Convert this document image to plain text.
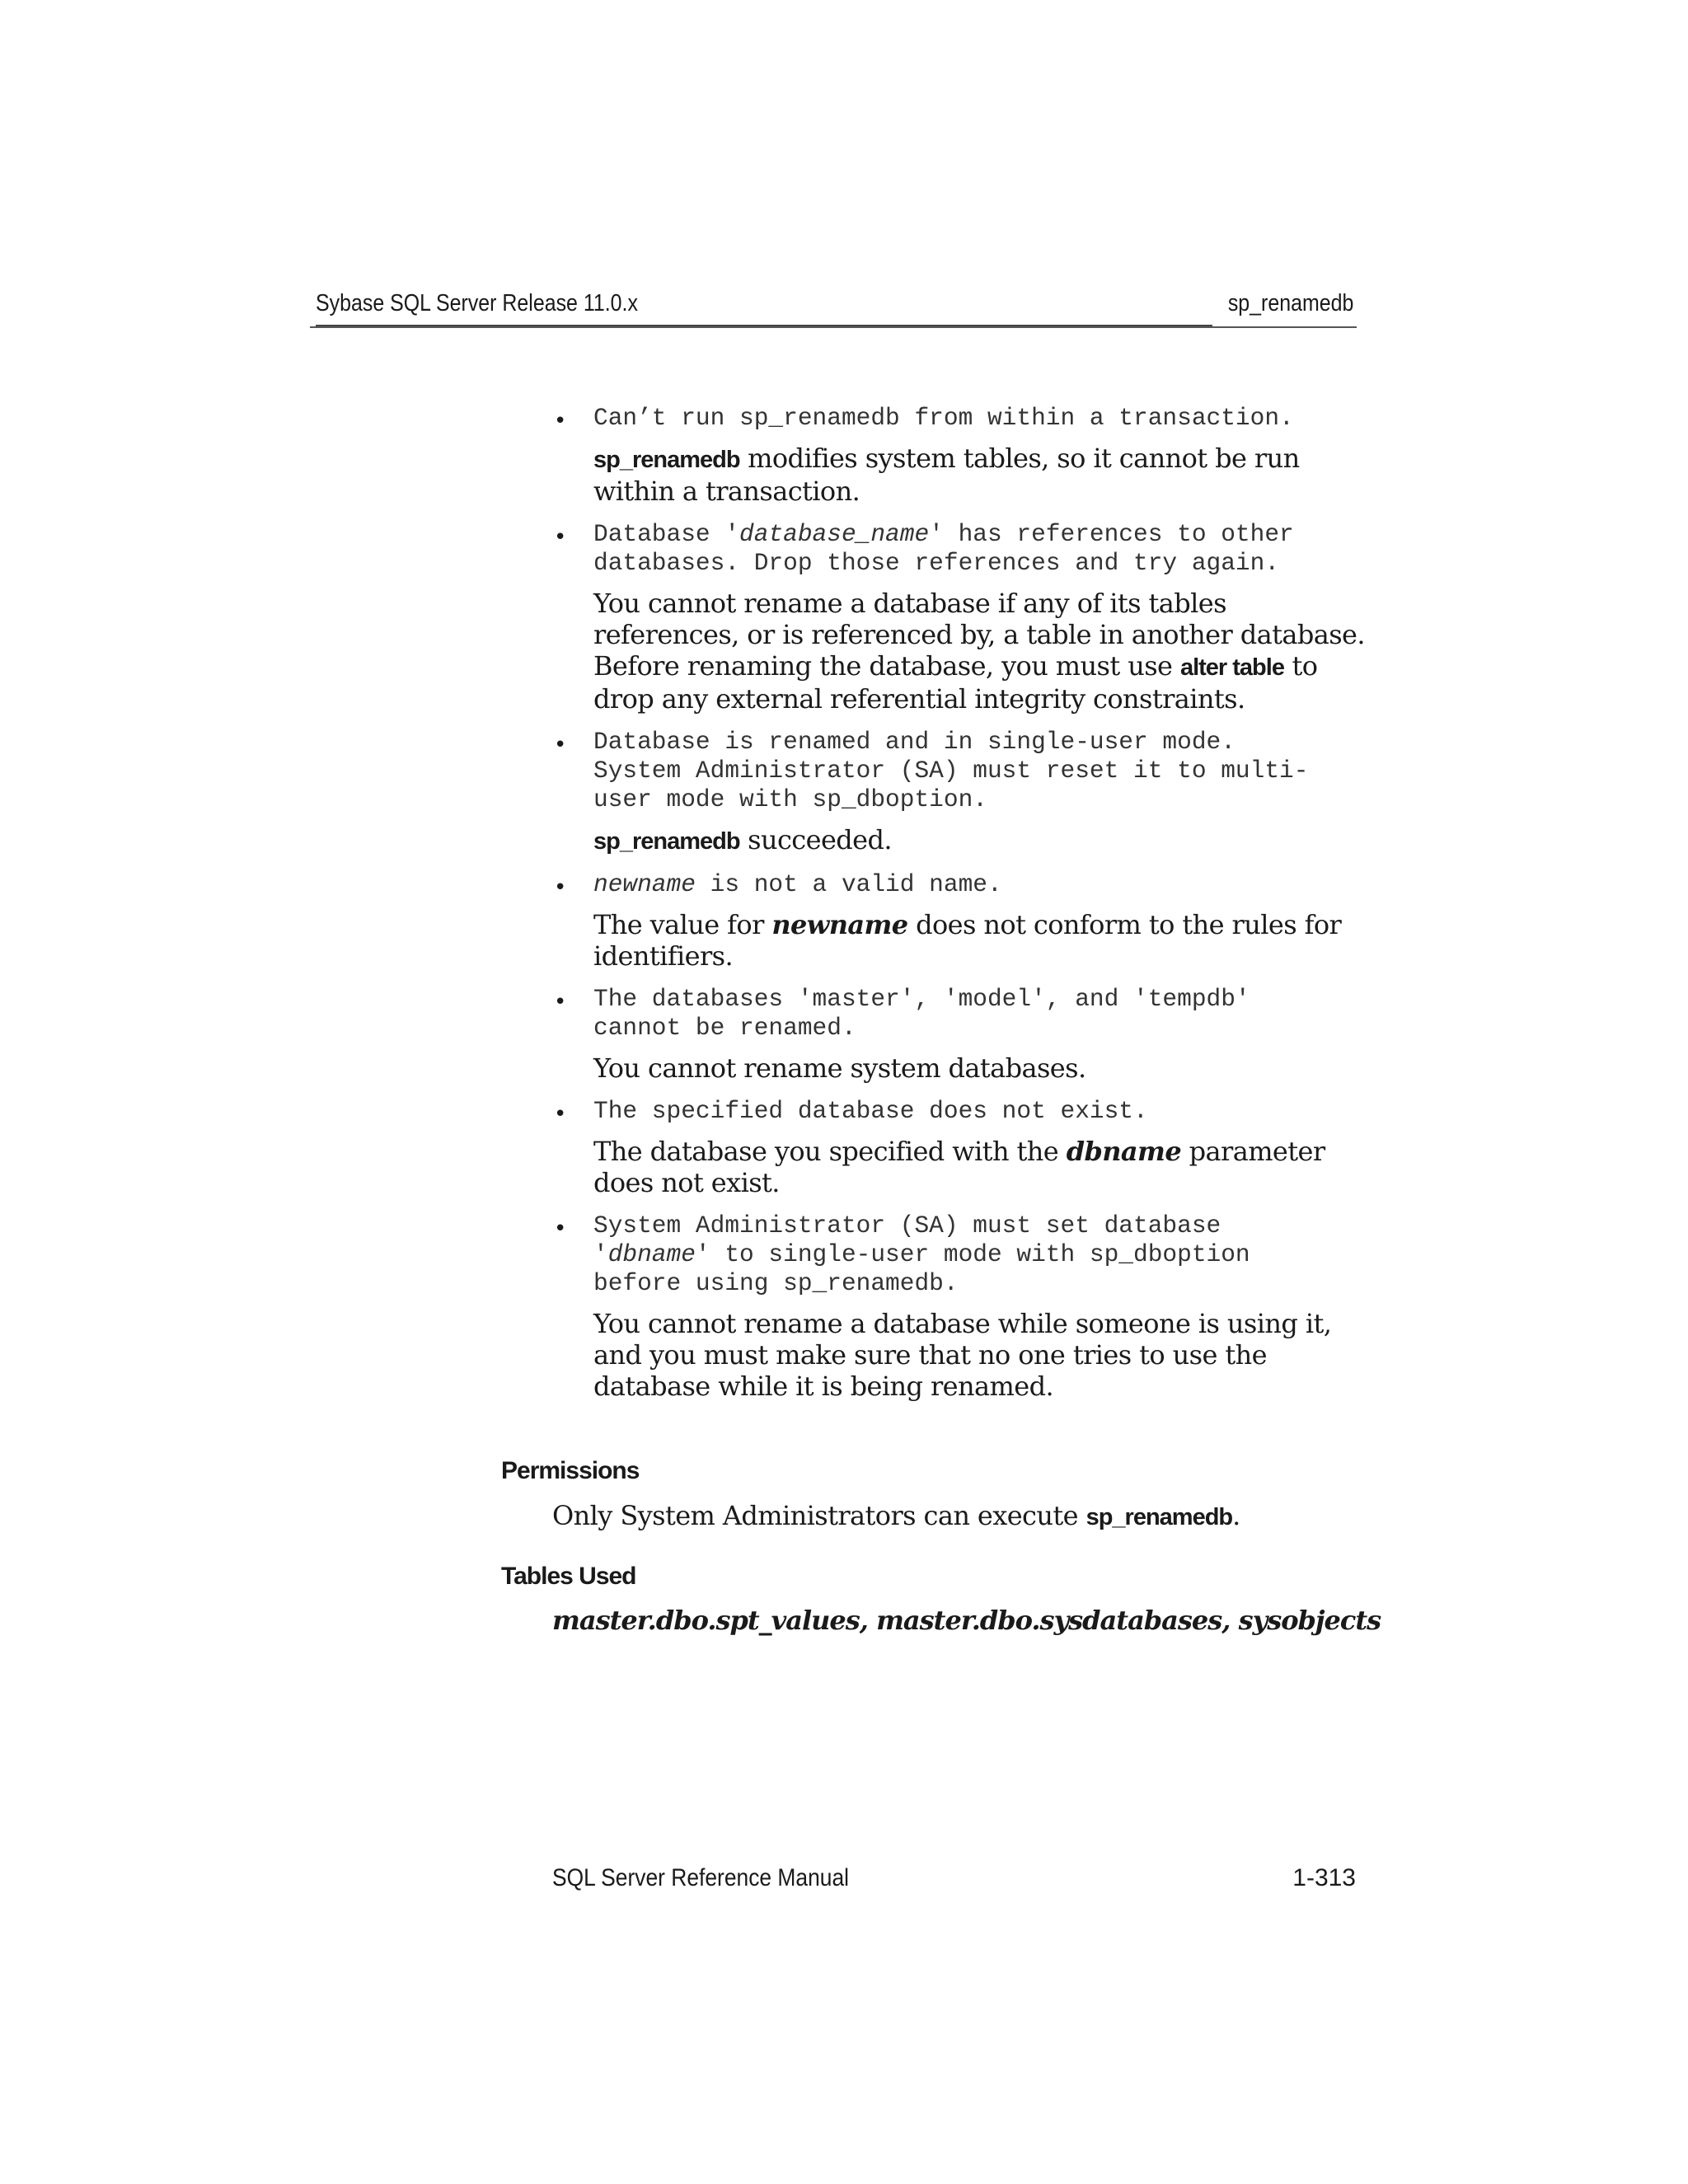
Sybase SQL Server Release 11.0.x	sp_renamedb
• Can’t run sp_renamedb from within a transaction.

sp_renamedb modifies system tables, so it cannot be run within a transaction.

• Database 'database_name' has references to other
databases. Drop those references and try again.

You cannot rename a database if any of its tables references, or is referenced by, a table in another database. Before renaming the database, you must use alter table to drop any external referential integrity constraints.

• Database is renamed and in single-user mode.
System Administrator (SA) must reset it to multi-
user mode with sp_dboption.

sp_renamedb succeeded.

• newname is not a valid name.

The value for newname does not conform to the rules for identifiers.

• The databases 'master', 'model', and 'tempdb'
cannot be renamed.

You cannot rename system databases.

• The specified database does not exist.

The database you specified with the dbname parameter does not exist.

• System Administrator (SA) must set database
'dbname' to single-user mode with sp_dboption
before using sp_renamedb.

You cannot rename a database while someone is using it, and you must make sure that no one tries to use the database while it is being renamed.

Permissions
Only System Administrators can execute sp_renamedb.
Tables Used
master.dbo.spt_values, master.dbo.sysdatabases, sysobjects
SQL Server Reference Manual	1-313
